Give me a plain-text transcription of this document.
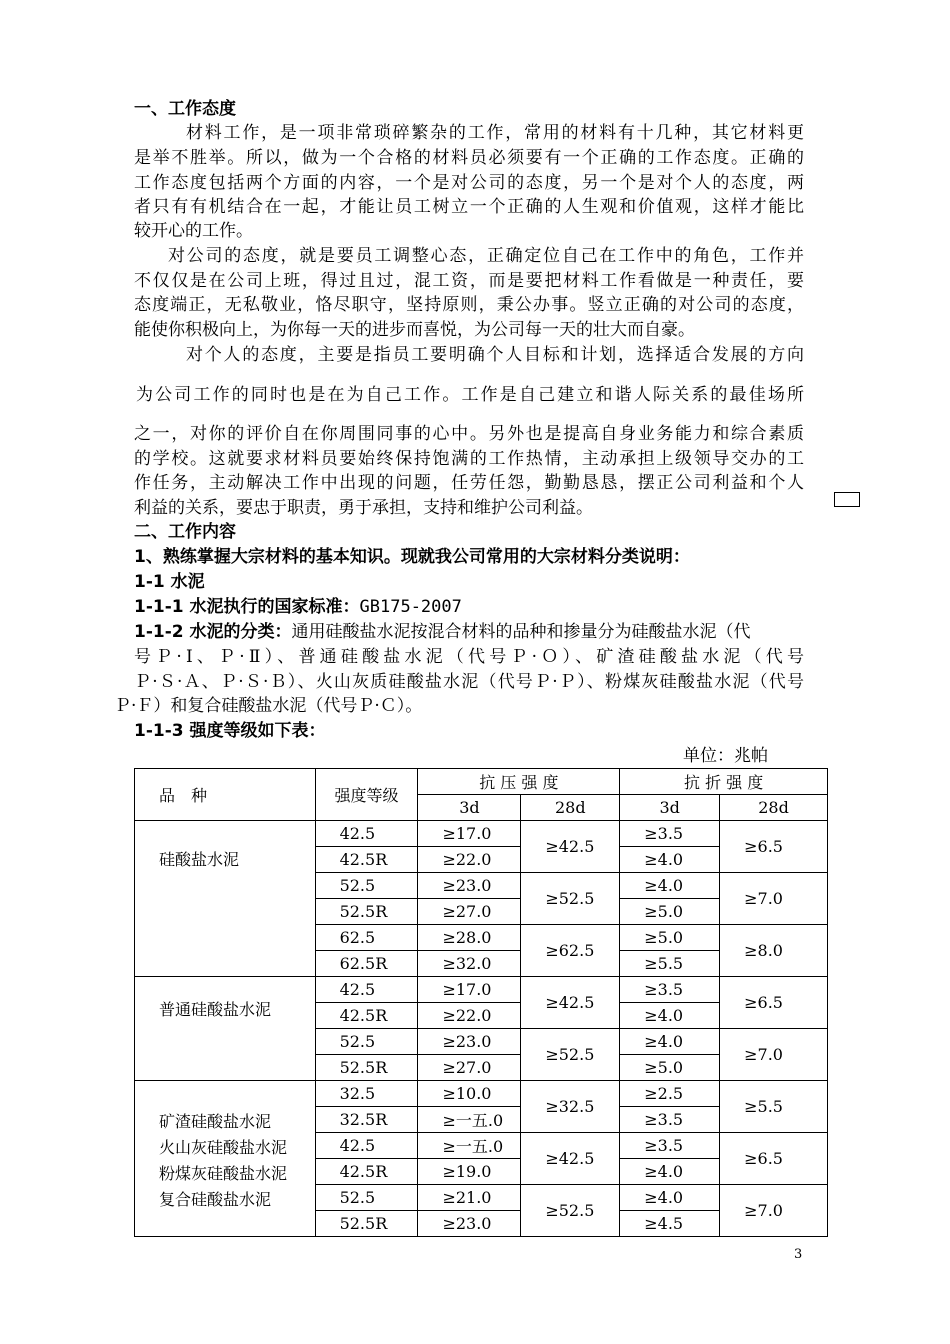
一、工作态度
材料工作，是一项非常琐碎繁杂的工作，常用的材料有十几种，其它材料更
是举不胜举。所以，做为一个合格的材料员必须要有一个正确的工作态度。正确的
工作态度包括两个方面的内容，一个是对公司的态度，另一个是对个人的态度，两
者只有有机结合在一起，才能让员工树立一个正确的人生观和价值观，这样才能比
较开心的工作。
对公司的态度，就是要员工调整心态，正确定位自己在工作中的角色，工作并
不仅仅是在公司上班，得过且过，混工资，而是要把材料工作看做是一种责任，要
态度端正，无私敬业，恪尽职守，坚持原则，秉公办事。竖立正确的对公司的态度，
能使你积极向上，为你每一天的进步而喜悦，为公司每一天的壮大而自豪。
对个人的态度，主要是指员工要明确个人目标和计划，选择适合发展的方向
为公司工作的同时也是在为自己工作。工作是自己建立和谐人际关系的最佳场所
之一，对你的评价自在你周围同事的心中。另外也是提高自身业务能力和综合素质
的学校。这就要求材料员要始终保持饱满的工作热情，主动承担上级领导交办的工
作任务，主动解决工作中出现的问题，任劳任怨，勤勤恳恳，摆正公司利益和个人
利益的关系，要忠于职责，勇于承担，支持和维护公司利益。
二、工作内容
1、熟练掌握大宗材料的基本知识。现就我公司常用的大宗材料分类说明：
1-1 水泥
1-1-1 水泥执行的国家标准：GB175-2007
1-1-2 水泥的分类：通用硅酸盐水泥按混合材料的品种和掺量分为硅酸盐水泥（代
号Ｐ·Ⅰ、Ｐ·Ⅱ）、普通硅酸盐水泥（代号Ｐ·Ｏ）、矿渣硅酸盐水泥（代号
Ｐ·Ｓ·Ａ、Ｐ·Ｓ·Ｂ）、火山灰质硅酸盐水泥（代号Ｐ·Ｐ）、粉煤灰硅酸盐水泥（代号
Ｐ·Ｆ）和复合硅酸盐水泥（代号Ｐ·Ｃ）。
1-1-3 强度等级如下表：
单位：兆帕
品　种	强度等级	抗 压 强 度		抗 折 强 度	
		3d	28d	3d	28d
硅酸盐水泥	42.5	≥17.0	≥42.5	≥3.5	≥6.5
	42.5R	≥22.0		≥4.0	
	52.5	≥23.0	≥52.5	≥4.0	≥7.0
	52.5R	≥27.0		≥5.0	
	62.5	≥28.0	≥62.5	≥5.0	≥8.0
	62.5R	≥32.0		≥5.5	
普通硅酸盐水泥	42.5	≥17.0	≥42.5	≥3.5	≥6.5
	42.5R	≥22.0		≥4.0	
	52.5	≥23.0	≥52.5	≥4.0	≥7.0
	52.5R	≥27.0		≥5.0	

矿渣硅酸盐水泥
火山灰硅酸盐水泥
粉煤灰硅酸盐水泥
复合硅酸盐水泥	32.5	≥10.0	≥32.5	≥2.5	≥5.5
	32.5R	≥一五.0		≥3.5	
	42.5	≥一五.0	≥42.5	≥3.5	≥6.5
	42.5R	≥19.0		≥4.0	
	52.5	≥21.0	≥52.5	≥4.0	≥7.0
	52.5R	≥23.0		≥4.5	
3
